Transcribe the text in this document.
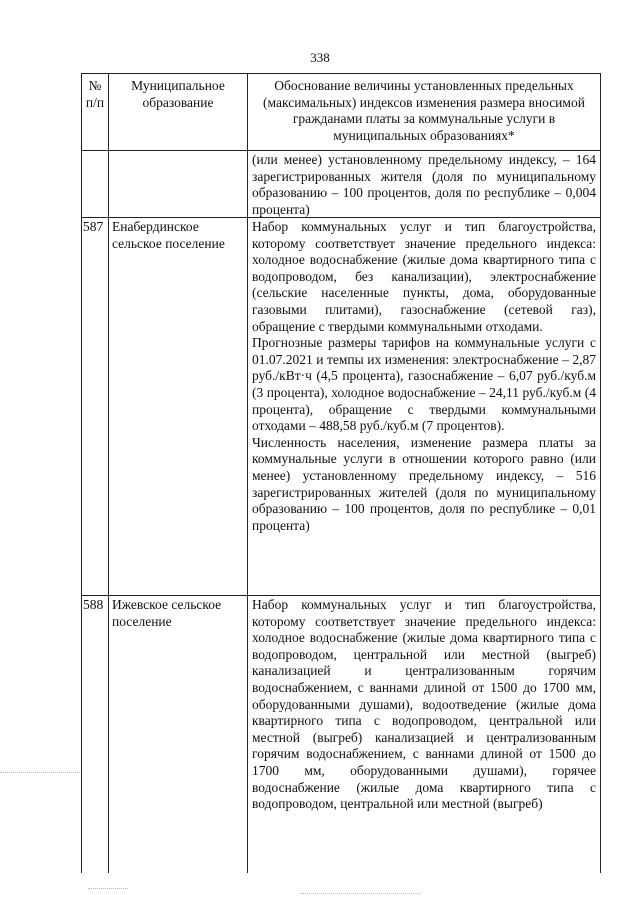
338
№ п/п
Муниципальное образование
Обоснование величины установленных предельных (максимальных) индексов изменения размера вносимой гражданами платы за коммунальные услуги в муниципальных образованиях*
(или менее) установленному предельному индексу, – 164 зарегистрированных жителя (доля по муниципальному образованию – 100 процентов, доля по республике – 0,004 процента)
587 Енабердинское сельское поселение

Набор коммунальных услуг и тип благоустройства, которому соответствует значение предельного индекса: холодное водоснабжение (жилые дома квартирного типа с водопроводом, без канализации), электроснабжение (сельские населенные пункты, дома, оборудованные газовыми плитами), газоснабжение (сетевой газ), обращение с твердыми коммунальными отходами.

Прогнозные размеры тарифов на коммунальные услуги с 01.07.2021 и темпы их изменения: электроснабжение – 2,87 руб./кВт·ч (4,5 процента), газоснабжение – 6,07 руб./куб.м (3 процента), холодное водоснабжение – 24,11 руб./куб.м (4 процента), обращение с твердыми коммунальными отходами – 488,58 руб./куб.м (7 процентов).

Численность населения, изменение размера платы за коммунальные услуги в отношении которого равно (или менее) установленному предельному индексу, – 516 зарегистрированных жителей (доля по муниципальному образованию – 100 процентов, доля по республике – 0,01 процента)

588 Ижевское сельское поселение

Набор коммунальных услуг и тип благоустройства, которому соответствует значение предельного индекса: холодное водоснабжение (жилые дома квартирного типа с водопроводом, центральной или местной (выгреб) канализацией и централизованным горячим водоснабжением, с ваннами длиной от 1500 до 1700 мм, оборудованными душами), водоотведение (жилые дома квартирного типа с водопроводом, центральной или местной (выгреб) канализацией и централизованным горячим водоснабжением, с ваннами длиной от 1500 до 1700 мм, оборудованными душами), горячее водоснабжение (жилые дома квартирного типа с водопроводом, центральной или местной (выгреб)
